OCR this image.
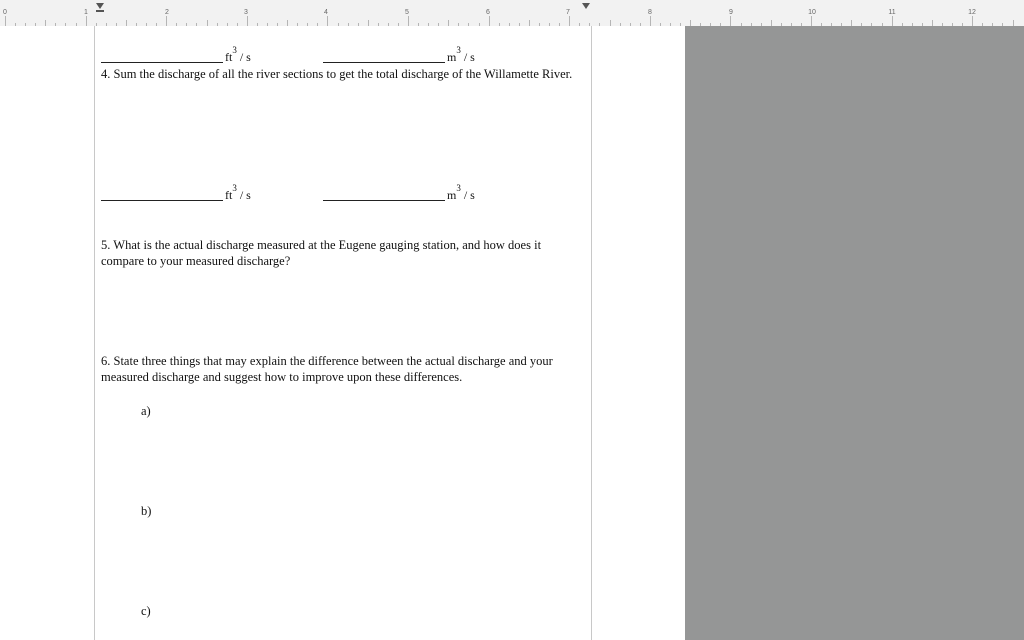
0	1	2	3	4	5	6	7	8	9	10	11	12
$ft^3$ / s	$m^3$ / s
4. Sum the discharge of all the river sections to get the total discharge of the Willamette River.
$ft^3$ / s	$m^3$ / s
5. What is the actual discharge measured at the Eugene gauging station, and how does it compare to your measured discharge?
6. State three things that may explain the difference between the actual discharge and your measured discharge and suggest how to improve upon these differences.
a)
b)
c)
